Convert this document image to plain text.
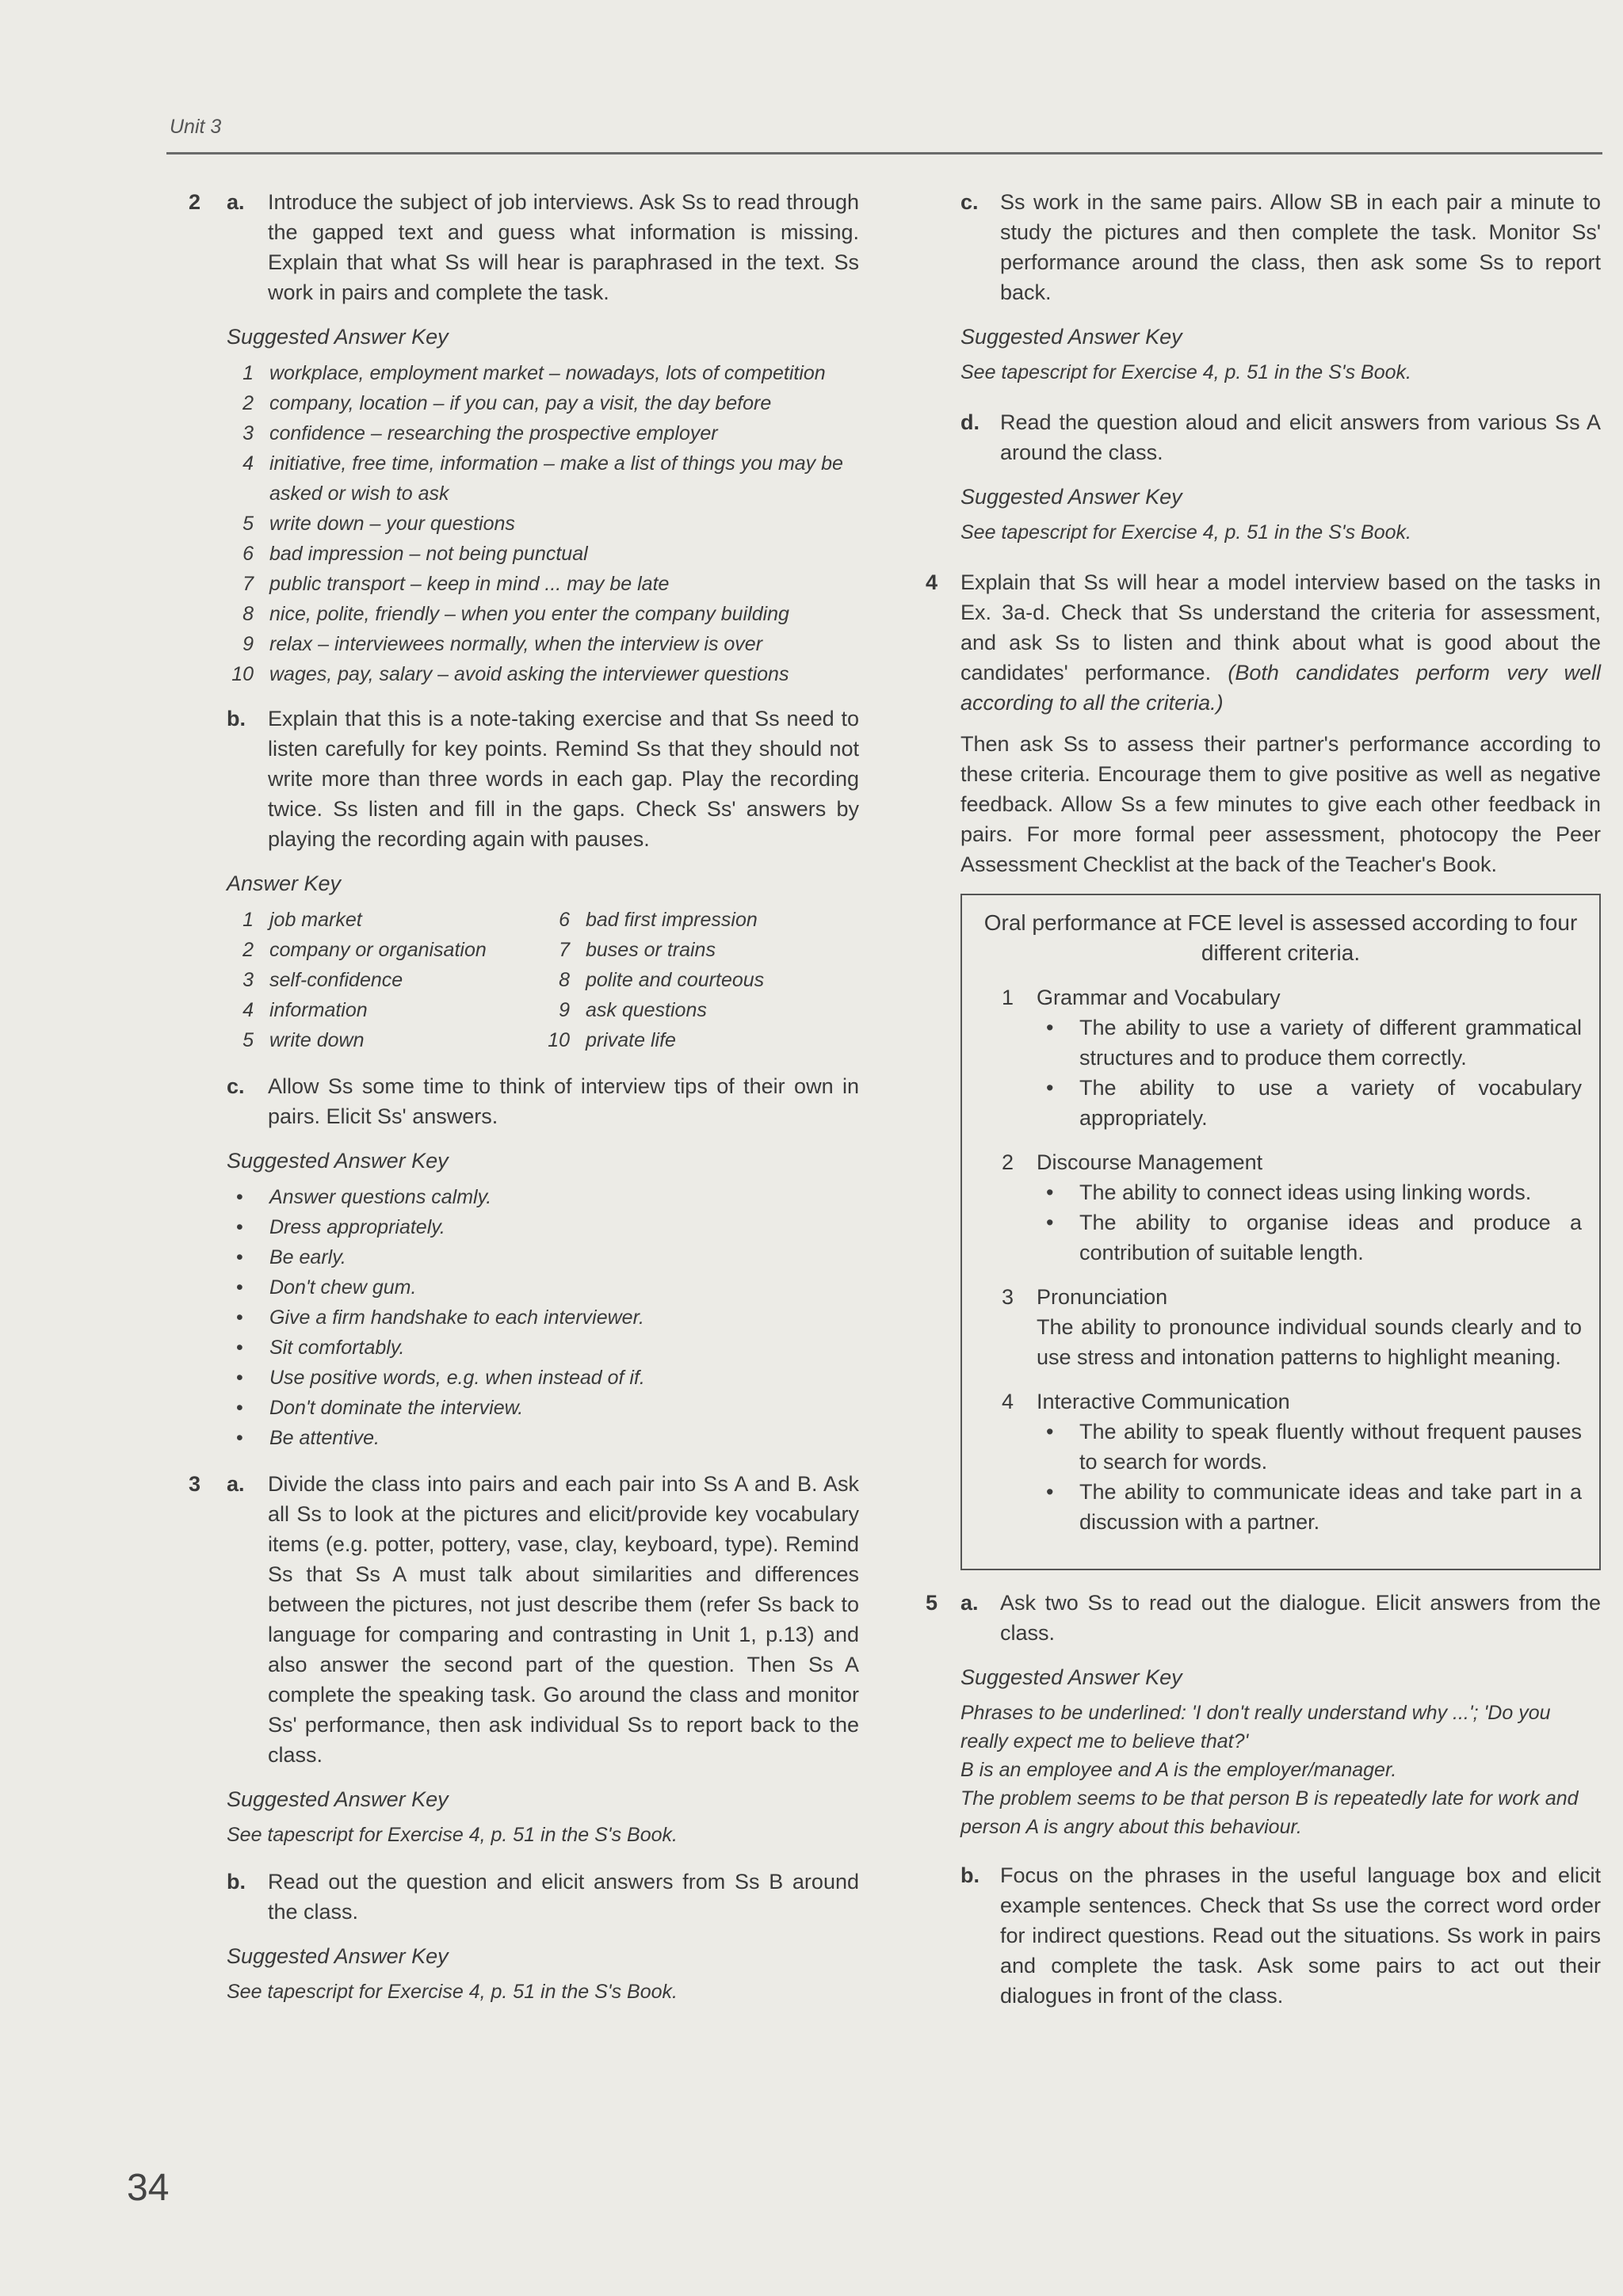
Unit 3
2 a. Introduce the subject of job interviews. Ask Ss to read through the gapped text and guess what information is missing. Explain that what Ss will hear is paraphrased in the text. Ss work in pairs and complete the task.
Suggested Answer Key
1 workplace, employment market – nowadays, lots of competition
2 company, location – if you can, pay a visit, the day before
3 confidence – researching the prospective employer
4 initiative, free time, information – make a list of things you may be asked or wish to ask
5 write down – your questions
6 bad impression – not being punctual
7 public transport – keep in mind ... may be late
8 nice, polite, friendly – when you enter the company building
9 relax – interviewees normally, when the interview is over
10 wages, pay, salary – avoid asking the interviewer questions
b. Explain that this is a note-taking exercise and that Ss need to listen carefully for key points. Remind Ss that they should not write more than three words in each gap. Play the recording twice. Ss listen and fill in the gaps. Check Ss' answers by playing the recording again with pauses.
Answer Key
1 job market	6 bad first impression
2 company or organisation	7 buses or trains
3 self-confidence	8 polite and courteous
4 information	9 ask questions
5 write down	10 private life
c. Allow Ss some time to think of interview tips of their own in pairs. Elicit Ss' answers.
Suggested Answer Key
• Answer questions calmly.
• Dress appropriately.
• Be early.
• Don't chew gum.
• Give a firm handshake to each interviewer.
• Sit comfortably.
• Use positive words, e.g. when instead of if.
• Don't dominate the interview.
• Be attentive.
3 a. Divide the class into pairs and each pair into Ss A and B. Ask all Ss to look at the pictures and elicit/provide key vocabulary items (e.g. potter, pottery, vase, clay, keyboard, type). Remind Ss that Ss A must talk about similarities and differences between the pictures, not just describe them (refer Ss back to language for comparing and contrasting in Unit 1, p.13) and also answer the second part of the question. Then Ss A complete the speaking task. Go around the class and monitor Ss' performance, then ask individual Ss to report back to the class.
Suggested Answer Key
See tapescript for Exercise 4, p. 51 in the S's Book.
b. Read out the question and elicit answers from Ss B around the class.
Suggested Answer Key
See tapescript for Exercise 4, p. 51 in the S's Book.
c. Ss work in the same pairs. Allow SB in each pair a minute to study the pictures and then complete the task. Monitor Ss' performance around the class, then ask some Ss to report back.
Suggested Answer Key
See tapescript for Exercise 4, p. 51 in the S's Book.
d. Read the question aloud and elicit answers from various Ss A around the class.
Suggested Answer Key
See tapescript for Exercise 4, p. 51 in the S's Book.
4 Explain that Ss will hear a model interview based on the tasks in Ex. 3a-d. Check that Ss understand the criteria for assessment, and ask Ss to listen and think about what is good about the candidates' performance. (Both candidates perform very well according to all the criteria.)
Then ask Ss to assess their partner's performance according to these criteria. Encourage them to give positive as well as negative feedback. Allow Ss a few minutes to give each other feedback in pairs. For more formal peer assessment, photocopy the Peer Assessment Checklist at the back of the Teacher's Book.
Oral performance at FCE level is assessed according to four different criteria.
1 Grammar and Vocabulary
• The ability to use a variety of different grammatical structures and to produce them correctly.
• The ability to use a variety of vocabulary appropriately.
2 Discourse Management
• The ability to connect ideas using linking words.
• The ability to organise ideas and produce a contribution of suitable length.
3 Pronunciation
The ability to pronounce individual sounds clearly and to use stress and intonation patterns to highlight meaning.
4 Interactive Communication
• The ability to speak fluently without frequent pauses to search for words.
• The ability to communicate ideas and take part in a discussion with a partner.
5 a. Ask two Ss to read out the dialogue. Elicit answers from the class.
Suggested Answer Key
Phrases to be underlined: 'I don't really understand why ...'; 'Do you really expect me to believe that?'
B is an employee and A is the employer/manager.
The problem seems to be that person B is repeatedly late for work and person A is angry about this behaviour.
b. Focus on the phrases in the useful language box and elicit example sentences. Check that Ss use the correct word order for indirect questions. Read out the situations. Ss work in pairs and complete the task. Ask some pairs to act out their dialogues in front of the class.
34
